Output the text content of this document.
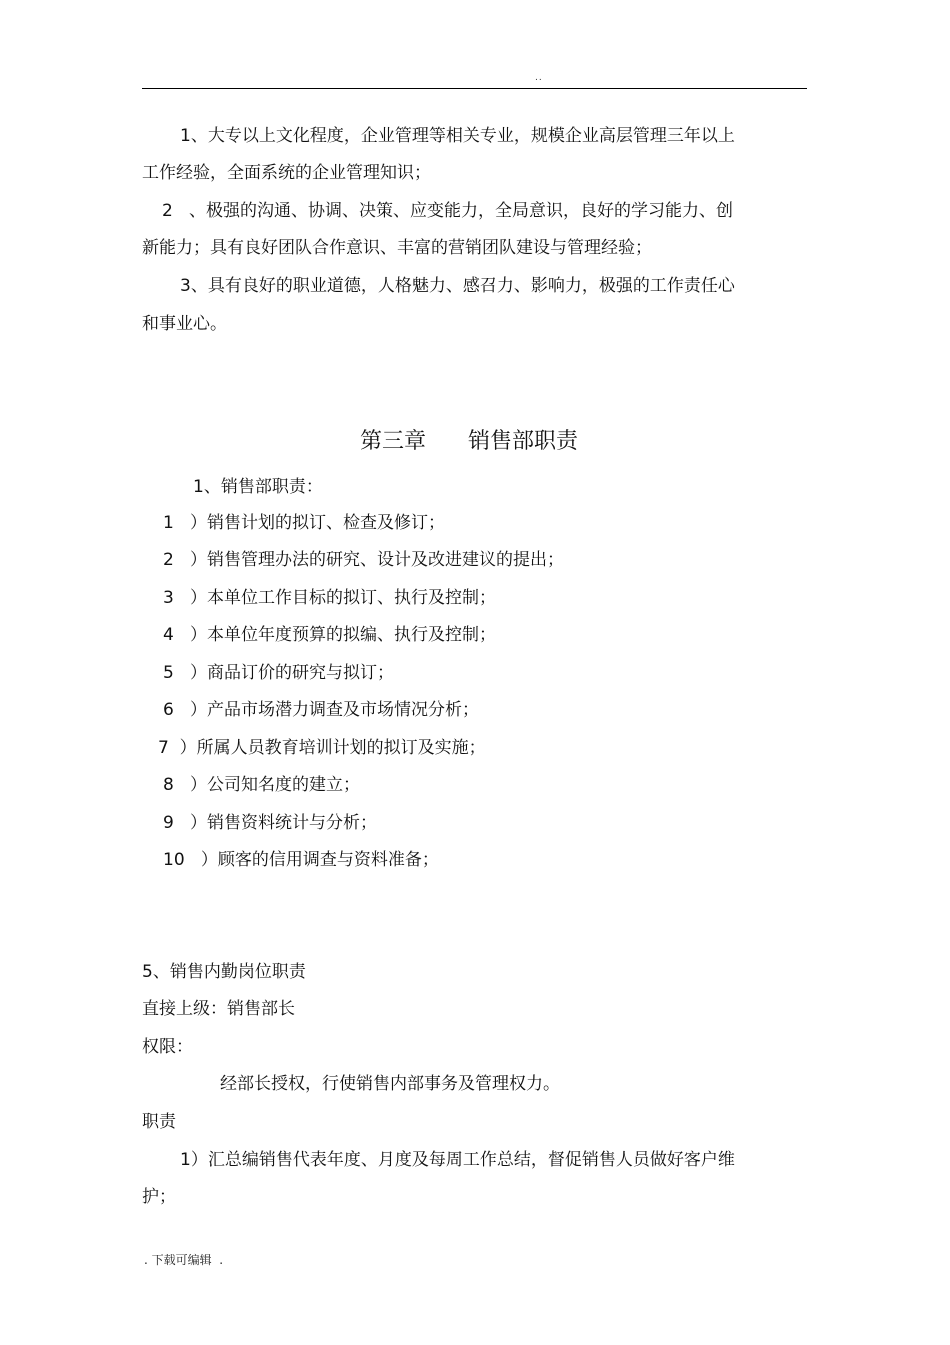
..
1、大专以上文化程度，企业管理等相关专业，规模企业高层管理三年以上
工作经验，全面系统的企业管理知识；
2   、极强的沟通、协调、决策、应变能力，全局意识，良好的学习能力、创
新能力；具有良好团队合作意识、丰富的营销团队建设与管理经验；
3、具有良好的职业道德，人格魅力、感召力、影响力，极强的工作责任心
和事业心。
第三章      销售部职责
1、销售部职责：
1   ）销售计划的拟订、检查及修订；
2   ）销售管理办法的研究、设计及改进建议的提出；
3   ）本单位工作目标的拟订、执行及控制；
4   ）本单位年度预算的拟编、执行及控制；
5   ）商品订价的研究与拟订；
6   ）产品市场潜力调查及市场情况分析；
7  ）所属人员教育培训计划的拟订及实施；
8   ）公司知名度的建立；
9   ）销售资料统计与分析；
10   ）顾客的信用调查与资料准备；
5、销售内勤岗位职责
直接上级：销售部长
权限：
经部长授权，行使销售内部事务及管理权力。
职责
1）汇总编销售代表年度、月度及每周工作总结，督促销售人员做好客户维
护；
. 下载可编辑  .
